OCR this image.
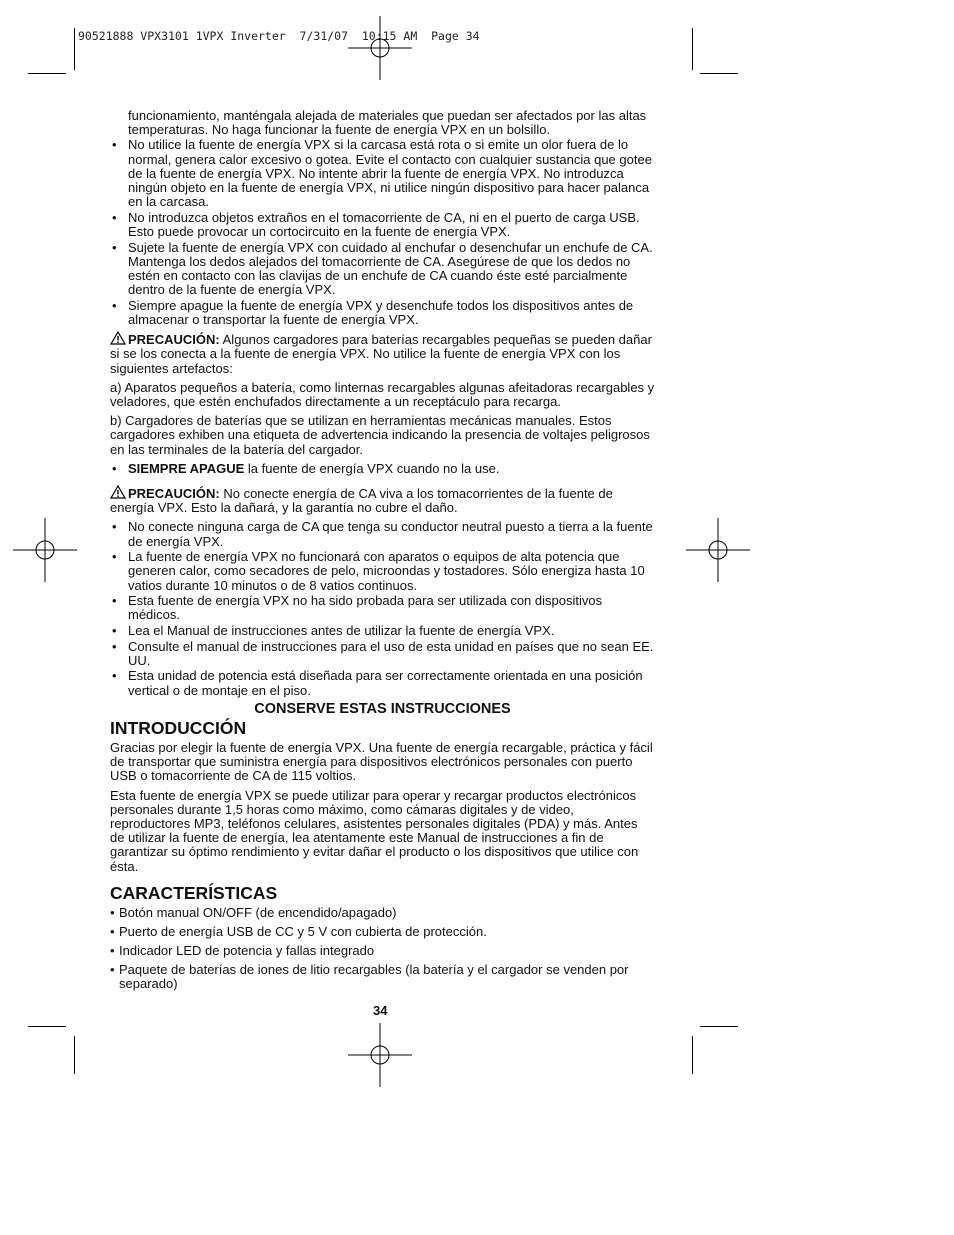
90521888 VPX3101 1VPX Inverter  7/31/07  10:15 AM  Page 34
funcionamiento, manténgala alejada de materiales que puedan ser afectados por las altas temperaturas. No haga funcionar la fuente de energía VPX en un bolsillo.
• No utilice la fuente de energía VPX si la carcasa está rota o si emite un olor fuera de lo normal, genera calor excesivo o gotea. Evite el contacto con cualquier sustancia que gotee de la fuente de energía VPX. No intente abrir la fuente de energía VPX. No introduzca ningún objeto en la fuente de energía VPX, ni utilice ningún dispositivo para hacer palanca en la carcasa.
• No introduzca objetos extraños en el tomacorriente de CA, ni en el puerto de carga USB. Esto puede provocar un cortocircuito en la fuente de energía VPX.
• Sujete la fuente de energía VPX con cuidado al enchufar o desenchufar un enchufe de CA. Mantenga los dedos alejados del tomacorriente de CA. Asegúrese de que los dedos no estén en contacto con las clavijas de un enchufe de CA cuando éste esté parcialmente dentro de la fuente de energía VPX.
• Siempre apague la fuente de energía VPX y desenchufe todos los dispositivos antes de almacenar o transportar la fuente de energía VPX.

PRECAUCIÓN: Algunos cargadores para baterías recargables pequeñas se pueden dañar si se los conecta a la fuente de energía VPX. No utilice la fuente de energía VPX con los siguientes artefactos:

a) Aparatos pequeños a batería, como linternas recargables algunas afeitadoras recargables y veladores, que estén enchufados directamente a un receptáculo para recarga.

b) Cargadores de baterías que se utilizan en herramientas mecánicas manuales. Estos cargadores exhiben una etiqueta de advertencia indicando la presencia de voltajes peligrosos en las terminales de la batería del cargador.

• SIEMPRE APAGUE la fuente de energía VPX cuando no la use.

PRECAUCIÓN: No conecte energía de CA viva a los tomacorrientes de la fuente de energía VPX. Esto la dañará, y la garantía no cubre el daño.

• No conecte ninguna carga de CA que tenga su conductor neutral puesto a tierra a la fuente de energía VPX.
• La fuente de energía VPX no funcionará con aparatos o equipos de alta potencia que generen calor, como secadores de pelo, microondas y tostadores. Sólo energiza hasta 10 vatios durante 10 minutos o de 8 vatios continuos.
• Esta fuente de energía VPX no ha sido probada para ser utilizada con dispositivos médicos.
• Lea el Manual de instrucciones antes de utilizar la fuente de energía VPX.
• Consulte el manual de instrucciones para el uso de esta unidad en países que no sean EE. UU.
• Esta unidad de potencia está diseñada para ser correctamente orientada en una posición vertical o de montaje en el piso.
CONSERVE ESTAS INSTRUCCIONES
INTRODUCCIÓN

Gracias por elegir la fuente de energía VPX. Una fuente de energía recargable, práctica y fácil de transportar que suministra energía para dispositivos electrónicos personales con puerto USB o tomacorriente de CA de 115 voltios.

Esta fuente de energía VPX se puede utilizar para operar y recargar productos electrónicos personales durante 1,5 horas como máximo, como cámaras digitales y de video, reproductores MP3, teléfonos celulares, asistentes personales digitales (PDA) y más. Antes de utilizar la fuente de energía, lea atentamente este Manual de instrucciones a fin de garantizar su óptimo rendimiento y evitar dañar el producto o los dispositivos que utilice con ésta.

CARACTERÍSTICAS
• Botón manual ON/OFF (de encendido/apagado)
• Puerto de energía USB de CC y 5 V con cubierta de protección.
• Indicador LED de potencia y fallas integrado
• Paquete de baterías de iones de litio recargables (la batería y el cargador se venden por separado)
34
